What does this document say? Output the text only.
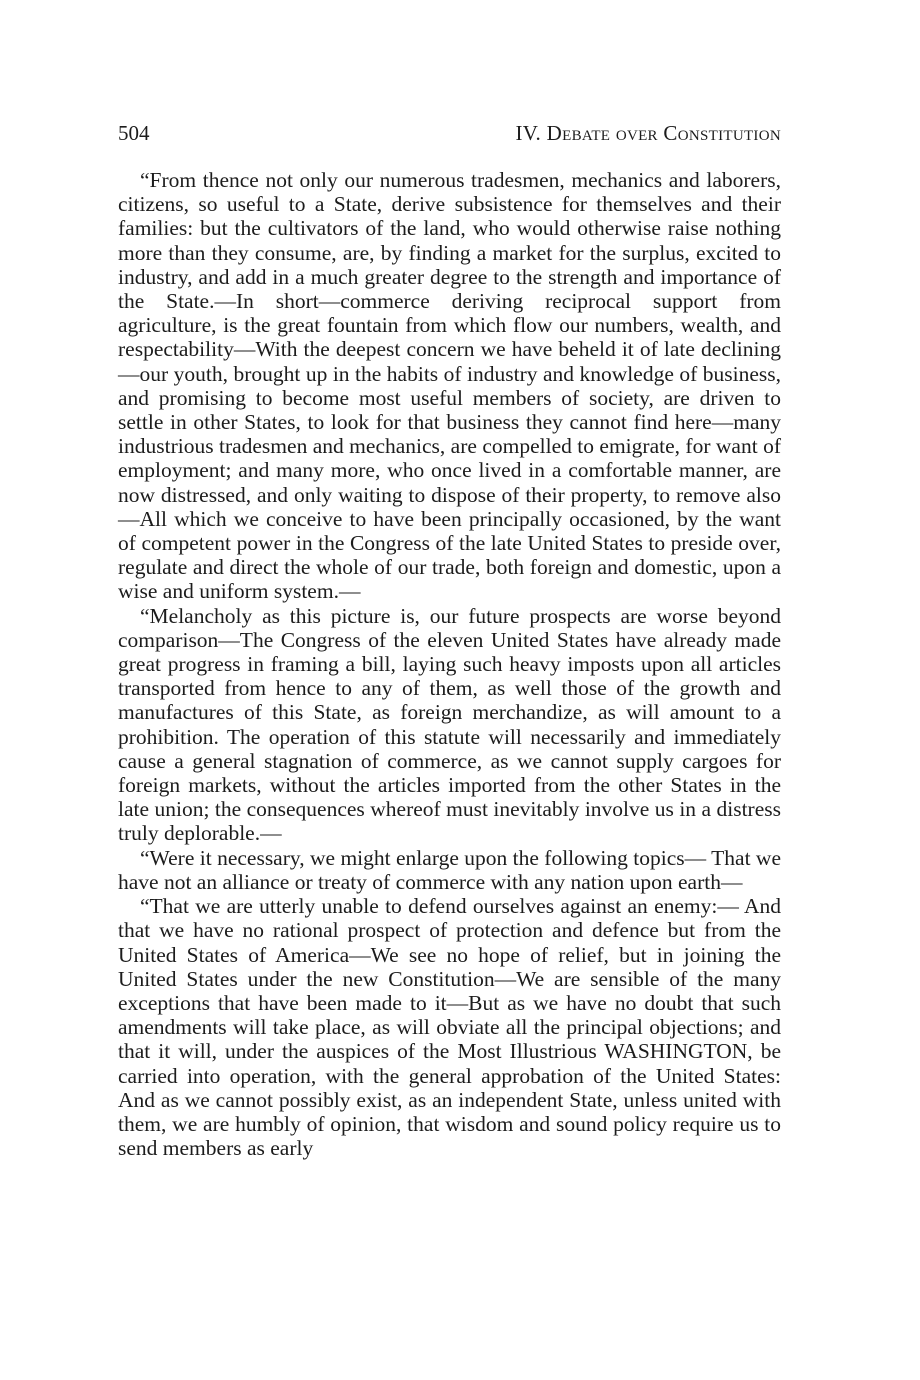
504	IV. Debate over Constitution

“From thence not only our numerous tradesmen, mechanics and laborers, citizens, so useful to a State, derive subsistence for themselves and their families: but the cultivators of the land, who would otherwise raise nothing more than they consume, are, by finding a market for the surplus, excited to industry, and add in a much greater degree to the strength and importance of the State.—In short—commerce deriving reciprocal support from agriculture, is the great fountain from which flow our numbers, wealth, and respectability—With the deepest concern we have beheld it of late declining—our youth, brought up in the habits of industry and knowledge of business, and promising to become most useful members of society, are driven to settle in other States, to look for that business they cannot find here—many industrious tradesmen and mechanics, are compelled to emigrate, for want of employment; and many more, who once lived in a comfortable manner, are now distressed, and only waiting to dispose of their property, to remove also—All which we conceive to have been principally occasioned, by the want of competent power in the Congress of the late United States to preside over, regulate and direct the whole of our trade, both foreign and domestic, upon a wise and uniform system.—

“Melancholy as this picture is, our future prospects are worse beyond comparison—The Congress of the eleven United States have already made great progress in framing a bill, laying such heavy imposts upon all articles transported from hence to any of them, as well those of the growth and manufactures of this State, as foreign merchandize, as will amount to a prohibition. The operation of this statute will necessarily and immediately cause a general stagnation of commerce, as we cannot supply cargoes for foreign markets, without the articles imported from the other States in the late union; the consequences whereof must inevitably involve us in a distress truly deplorable.—

“Were it necessary, we might enlarge upon the following topics— That we have not an alliance or treaty of commerce with any nation upon earth—

“That we are utterly unable to defend ourselves against an enemy:— And that we have no rational prospect of protection and defence but from the United States of America—We see no hope of relief, but in joining the United States under the new Constitution—We are sensible of the many exceptions that have been made to it—But as we have no doubt that such amendments will take place, as will obviate all the principal objections; and that it will, under the auspices of the Most Illustrious WASHINGTON, be carried into operation, with the general approbation of the United States: And as we cannot possibly exist, as an independent State, unless united with them, we are humbly of opinion, that wisdom and sound policy require us to send members as early
